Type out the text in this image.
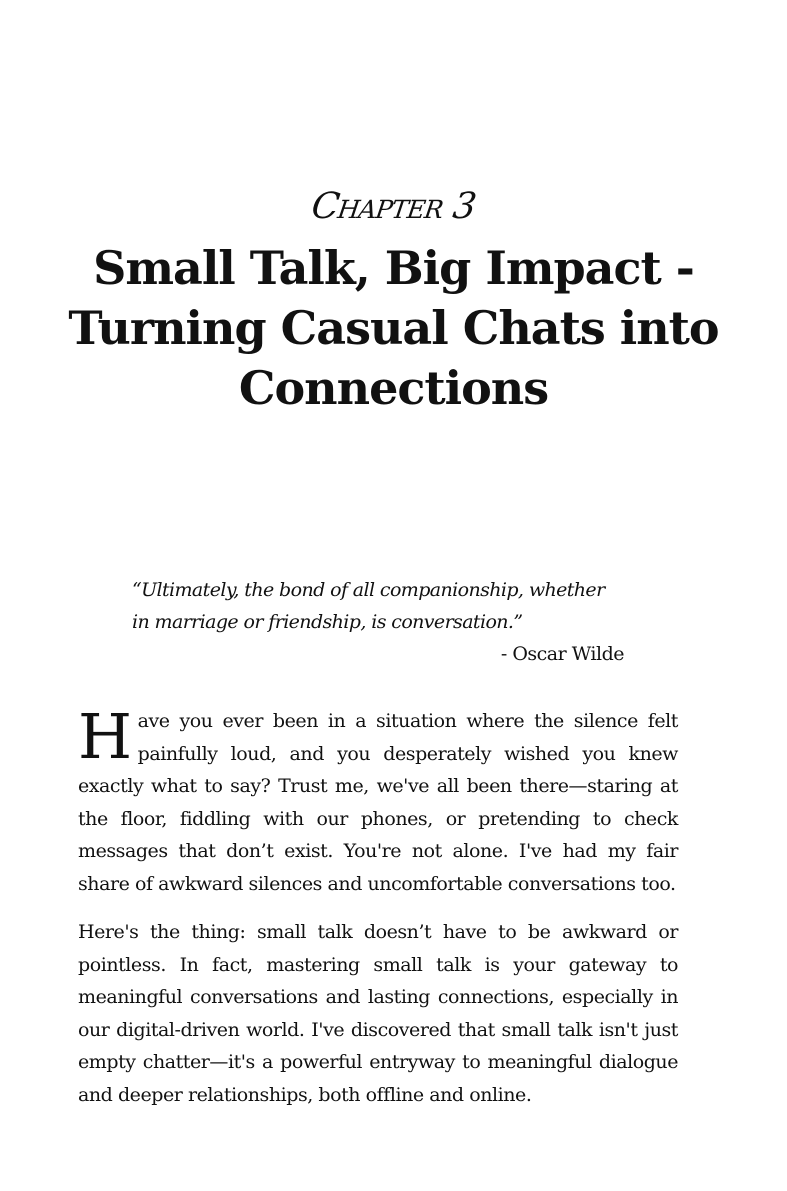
Chapter 3
Small Talk, Big Impact - Turning Casual Chats into Connections

“Ultimately, the bond of all companionship, whether in marriage or friendship, is conversation.”

- Oscar Wilde

Have you ever been in a situation where the silence felt painfully loud, and you desperately wished you knew exactly what to say? Trust me, we've all been there—staring at the floor, fiddling with our phones, or pretending to check messages that don’t exist. You're not alone. I've had my fair share of awkward silences and uncomfortable conversations too.

Here's the thing: small talk doesn’t have to be awkward or pointless. In fact, mastering small talk is your gateway to meaningful conversations and lasting connections, especially in our digital-driven world. I've discovered that small talk isn't just empty chatter—it's a powerful entryway to meaningful dialogue and deeper relationships, both offline and online.
